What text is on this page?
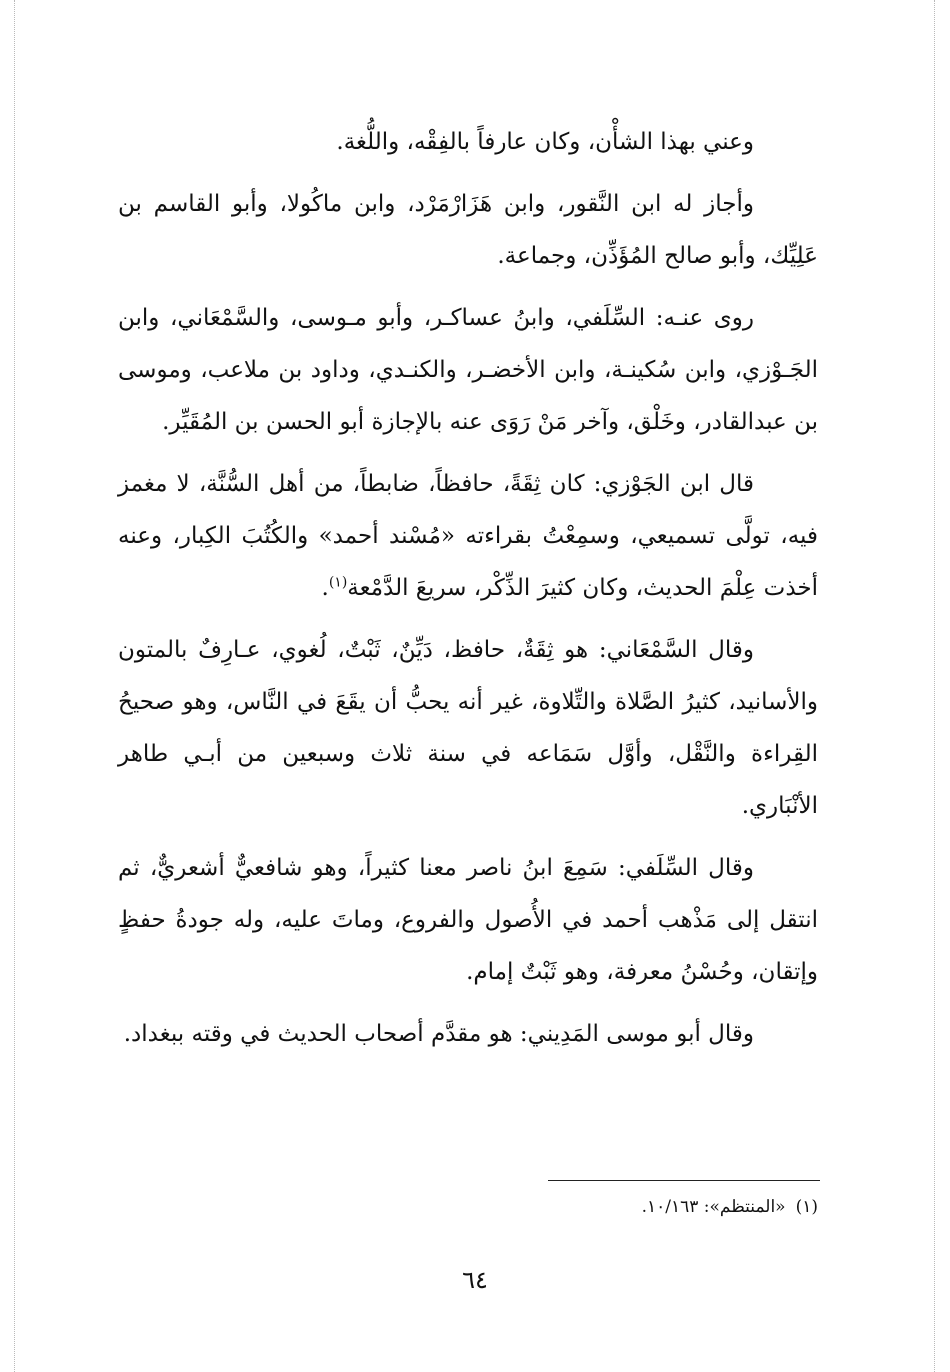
وعني بهذا الشأْن، وكان عارفاً بالفِقْه، واللُّغة.

وأجاز له ابن النَّقور، وابن هَزَارْمَرْد، وابن ماكُولا، وأبو القاسم بن عَلِيِّك، وأبو صالح المُؤَذِّن، وجماعة.

روى عنـه: السِّلَفي، وابنُ عساكـر، وأبو مـوسى، والسَّمْعَاني، وابن الجَـوْزي، وابن سُكينـة، وابن الأخضـر، والكنـدي، وداود بن ملاعب، وموسى بن عبدالقادر، وخَلْق، وآخر مَنْ رَوَى عنه بالإجازة أبو الحسن بن المُقَيِّر.

قال ابن الجَوْزي: كان ثِقَةً، حافظاً، ضابطاً، من أهل السُّنَّة، لا مغمز فيه، تولَّى تسميعي، وسمِعْتُ بقراءته «مُسْند أحمد» والكُتُبَ الكِبار، وعنه أخذت عِلْمَ الحديث، وكان كثيرَ الذِّكْر، سريعَ الدَّمْعة$^{(١)}$.

وقال السَّمْعَاني: هو ثِقَةٌ، حافظ، دَيِّنٌ، ثَبْتٌ، لُغوي، عـارِفٌ بالمتون والأسانيد، كثيرُ الصَّلاة والتِّلاوة، غير أنه يحبُّ أن يقَعَ في النَّاس، وهو صحيحُ القِراءة والنَّقْل، وأوَّل سَمَاعه في سنة ثلاث وسبعين من أبـي طاهر الأنْبَاري.

وقال السِّلَفي: سَمِعَ ابنُ ناصر معنا كثيراً، وهو شافعيٌّ أشعريٌّ، ثم انتقل إلى مَذْهب أحمد في الأُصول والفروع، وماتَ عليه، وله جودةُ حفظٍ وإتقان، وحُسْنُ معرفة، وهو ثَبْتٌ إمام.

وقال أبو موسى المَدِيني: هو مقدَّم أصحاب الحديث في وقته ببغداد.

(١)«المنتظم»: ١٠/١٦٣.
٦٤
